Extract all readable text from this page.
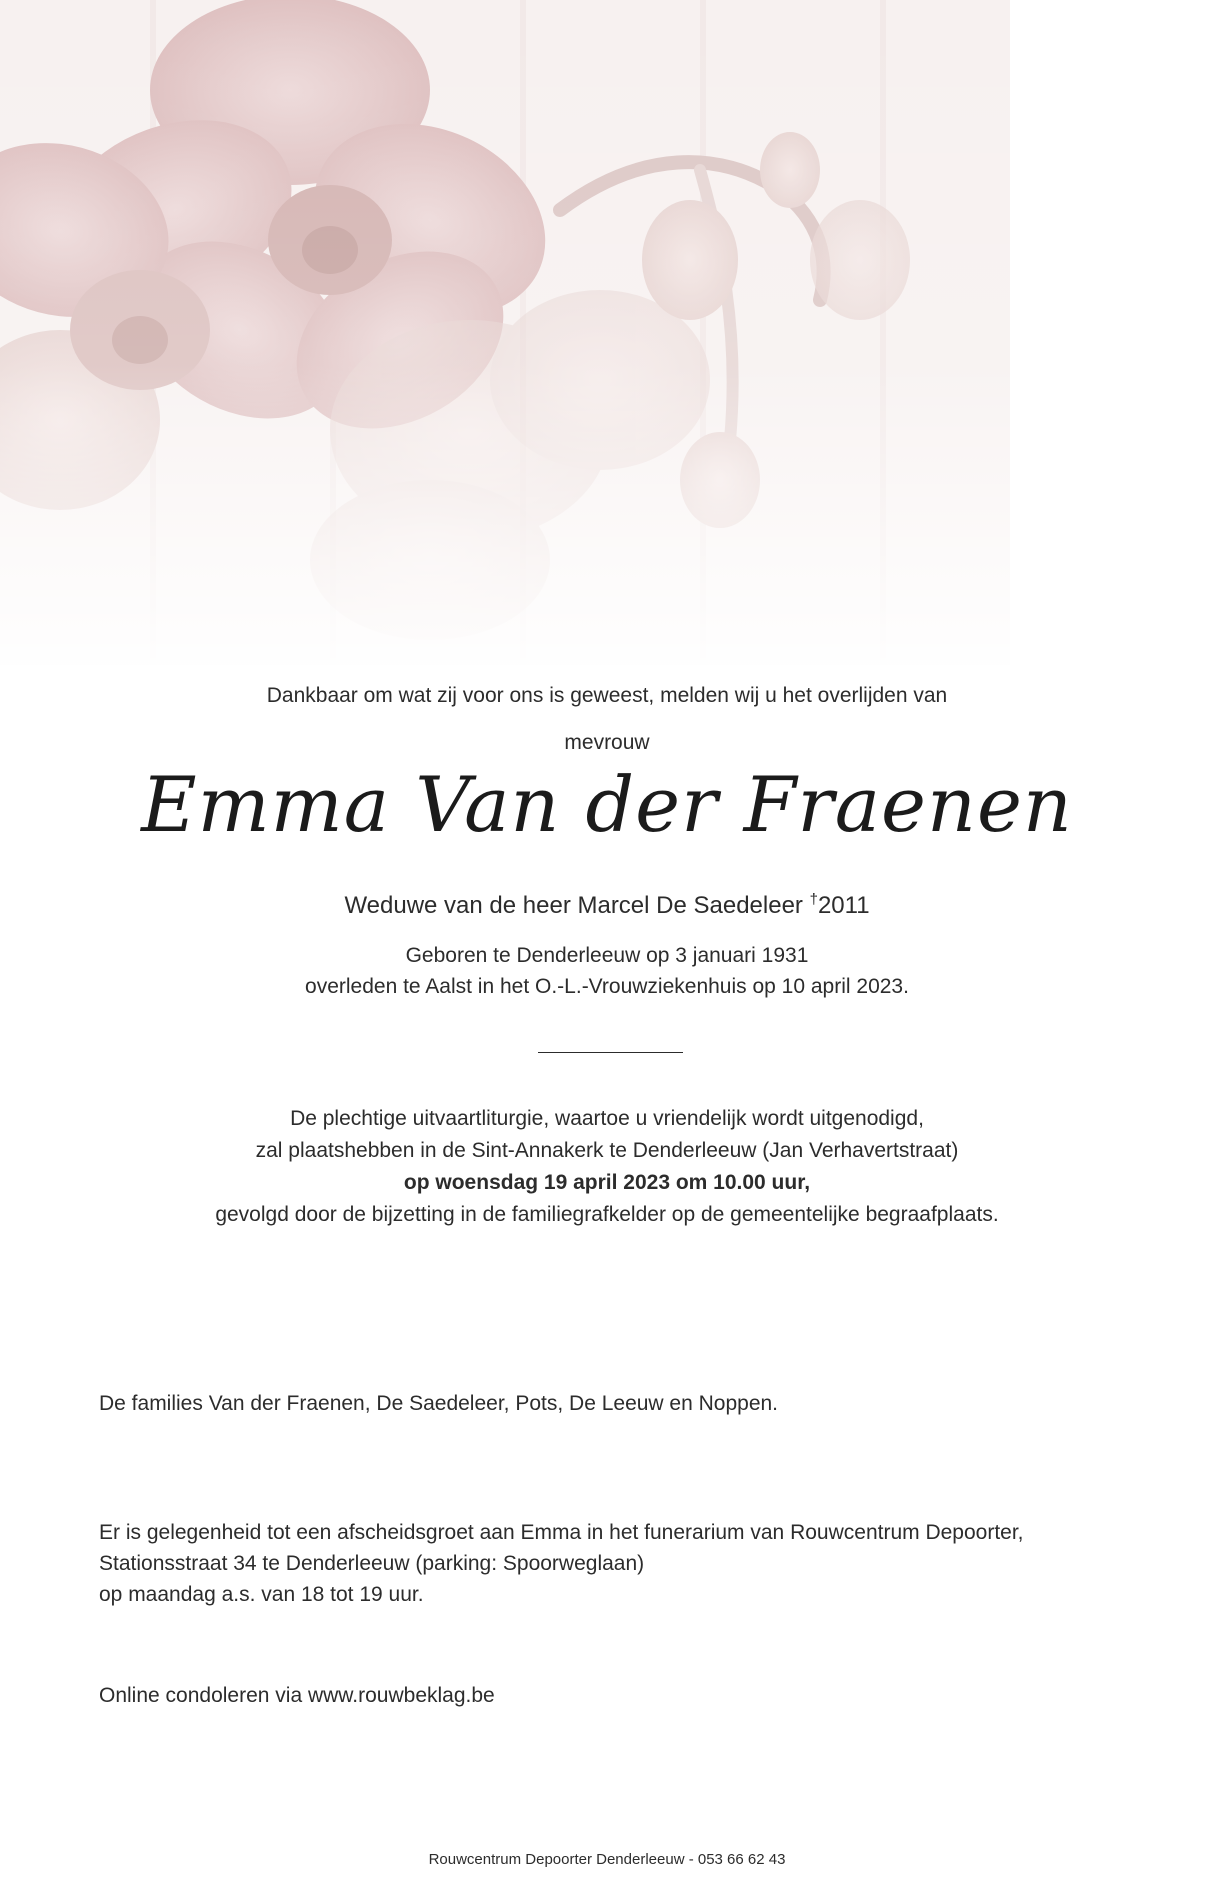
Dankbaar om wat zij voor ons is geweest, melden wij u het overlijden van
mevrouw
Emma Van der Fraenen
Weduwe van de heer Marcel De Saedeleer †2011
Geboren te Denderleeuw op 3 januari 1931
overleden te Aalst in het O.-L.-Vrouwziekenhuis op 10 april 2023.
De plechtige uitvaartliturgie, waartoe u vriendelijk wordt uitgenodigd,
zal plaatshebben in de Sint-Annakerk te Denderleeuw (Jan Verhavertstraat)
op woensdag 19 april 2023 om 10.00 uur,
gevolgd door de bijzetting in de familiegrafkelder op de gemeentelijke begraafplaats.
De families Van der Fraenen, De Saedeleer, Pots, De Leeuw en Noppen.
Er is gelegenheid tot een afscheidsgroet aan Emma in het funerarium van Rouwcentrum Depoorter,
Stationsstraat 34 te Denderleeuw (parking: Spoorweglaan)
op maandag a.s. van 18 tot 19 uur.
Online condoleren via www.rouwbeklag.be
Rouwcentrum Depoorter Denderleeuw - 053 66 62 43
